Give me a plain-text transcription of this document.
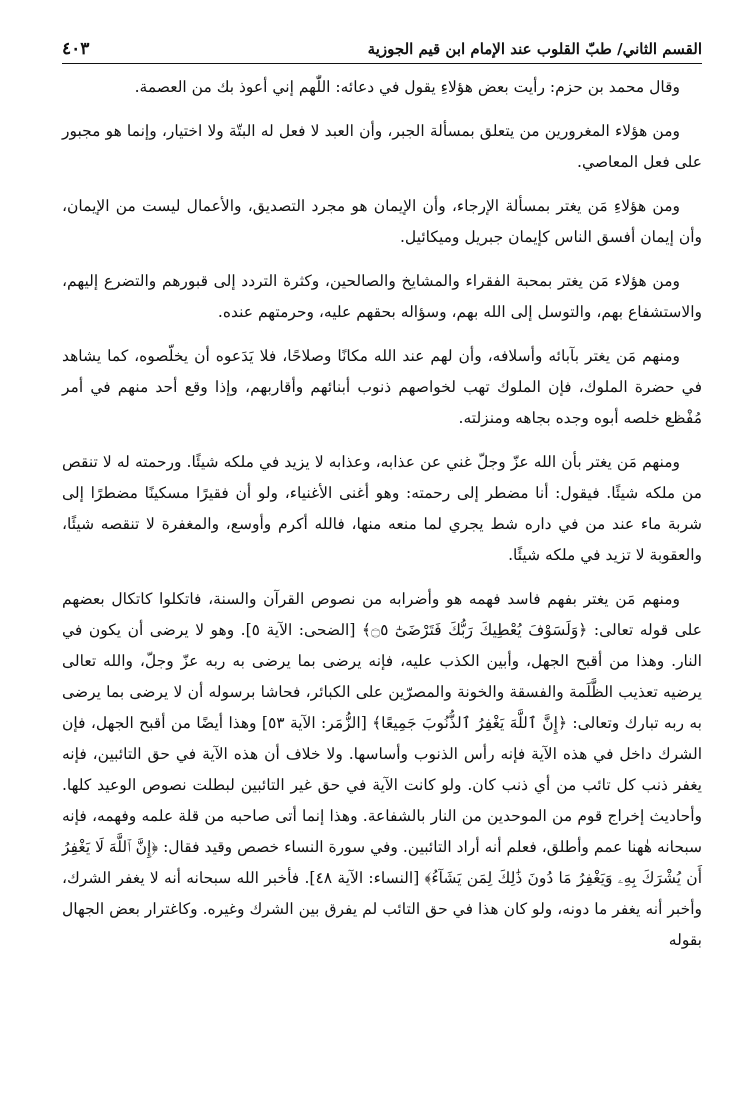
القسم الثاني/ طبّ القلوب عند الإمام ابن قيم الجوزية
٤٠٣

وقال محمد بن حزم: رأيت بعض هؤلاءِ يقول في دعائه: اللّٰهم إني أعوذ بك من العصمة.

ومن هؤلاء المغرورين من يتعلق بمسألة الجبر، وأن العبد لا فعل له البتّة ولا اختيار، وإنما هو مجبور على فعل المعاصي.

ومن هؤلاءِ مَن يغتر بمسألة الإرجاء، وأن الإيمان هو مجرد التصديق، والأعمال ليست من الإيمان، وأن إيمان أفسق الناس كإيمان جبريل وميكائيل.

ومن هؤلاء مَن يغتر بمحبة الفقراء والمشايخ والصالحين، وكثرة التردد إلى قبورهم والتضرع إليهم، والاستشفاع بهم، والتوسل إلى الله بهم، وسؤاله بحقهم عليه، وحرمتهم عنده.

ومنهم مَن يغتر بآبائه وأسلافه، وأن لهم عند الله مكانًا وصلاحًا، فلا يَدَعوه أن يخلّصوه، كما يشاهد في حضرة الملوك، فإن الملوك تهب لخواصهم ذنوب أبنائهم وأقاربهم، وإذا وقع أحد منهم في أمر مُفْظع خلصه أبوه وجده بجاهه ومنزلته.

ومنهم مَن يغتر بأن الله عزّ وجلّ غني عن عذابه، وعذابه لا يزيد في ملكه شيئًا. ورحمته له لا تنقص من ملكه شيئًا. فيقول: أنا مضطر إلى رحمته: وهو أغنى الأغنياء، ولو أن فقيرًا مسكينًا مضطرًا إلى شربة ماء عند من في داره شط يجري لما منعه منها، فالله أكرم وأوسع، والمغفرة لا تنقصه شيئًا، والعقوبة لا تزيد في ملكه شيئًا.

ومنهم مَن يغتر بفهم فاسد فهمه هو وأضرابه من نصوص القرآن والسنة، فاتكلوا كاتكال بعضهم على قوله تعالى: ﴿وَلَسَوْفَ يُعْطِيكَ رَبُّكَ فَتَرْضَىٰٓ ۝٥﴾ [الضحى: الآية ٥]. وهو لا يرضى أن يكون في النار. وهذا من أقبح الجهل، وأبين الكذب عليه، فإنه يرضى بما يرضى به ربه عزّ وجلّ، والله تعالى يرضيه تعذيب الظَّلَمة والفسقة والخونة والمصرّين على الكبائر، فحاشا برسوله أن لا يرضى بما يرضى به ربه تبارك وتعالى: ﴿إِنَّ ٱللَّهَ يَغْفِرُ ٱلذُّنُوبَ جَمِيعًا﴾ [الزُّمَر: الآية ٥٣] وهذا أيضًا من أقبح الجهل، فإن الشرك داخل في هذه الآية فإنه رأس الذنوب وأساسها. ولا خلاف أن هذه الآية في حق التائبين، فإنه يغفر ذنب كل تائب من أي ذنب كان. ولو كانت الآية في حق غير التائبين لبطلت نصوص الوعيد كلها. وأحاديث إخراج قوم من الموحدين من النار بالشفاعة. وهذا إنما أتى صاحبه من قلة علمه وفهمه، فإنه سبحانه هٰهنا عمم وأطلق، فعلم أنه أراد التائبين. وفي سورة النساء خصص وقيد فقال: ﴿إِنَّ ٱللَّهَ لَا يَغْفِرُ أَن يُشْرَكَ بِهِۦ وَيَغْفِرُ مَا دُونَ ذَٰلِكَ لِمَن يَشَآءُ﴾ [النساء: الآية ٤٨]. فأخبر الله سبحانه أنه لا يغفر الشرك، وأخبر أنه يغفر ما دونه، ولو كان هذا في حق التائب لم يفرق بين الشرك وغيره. وكاغترار بعض الجهال بقوله
